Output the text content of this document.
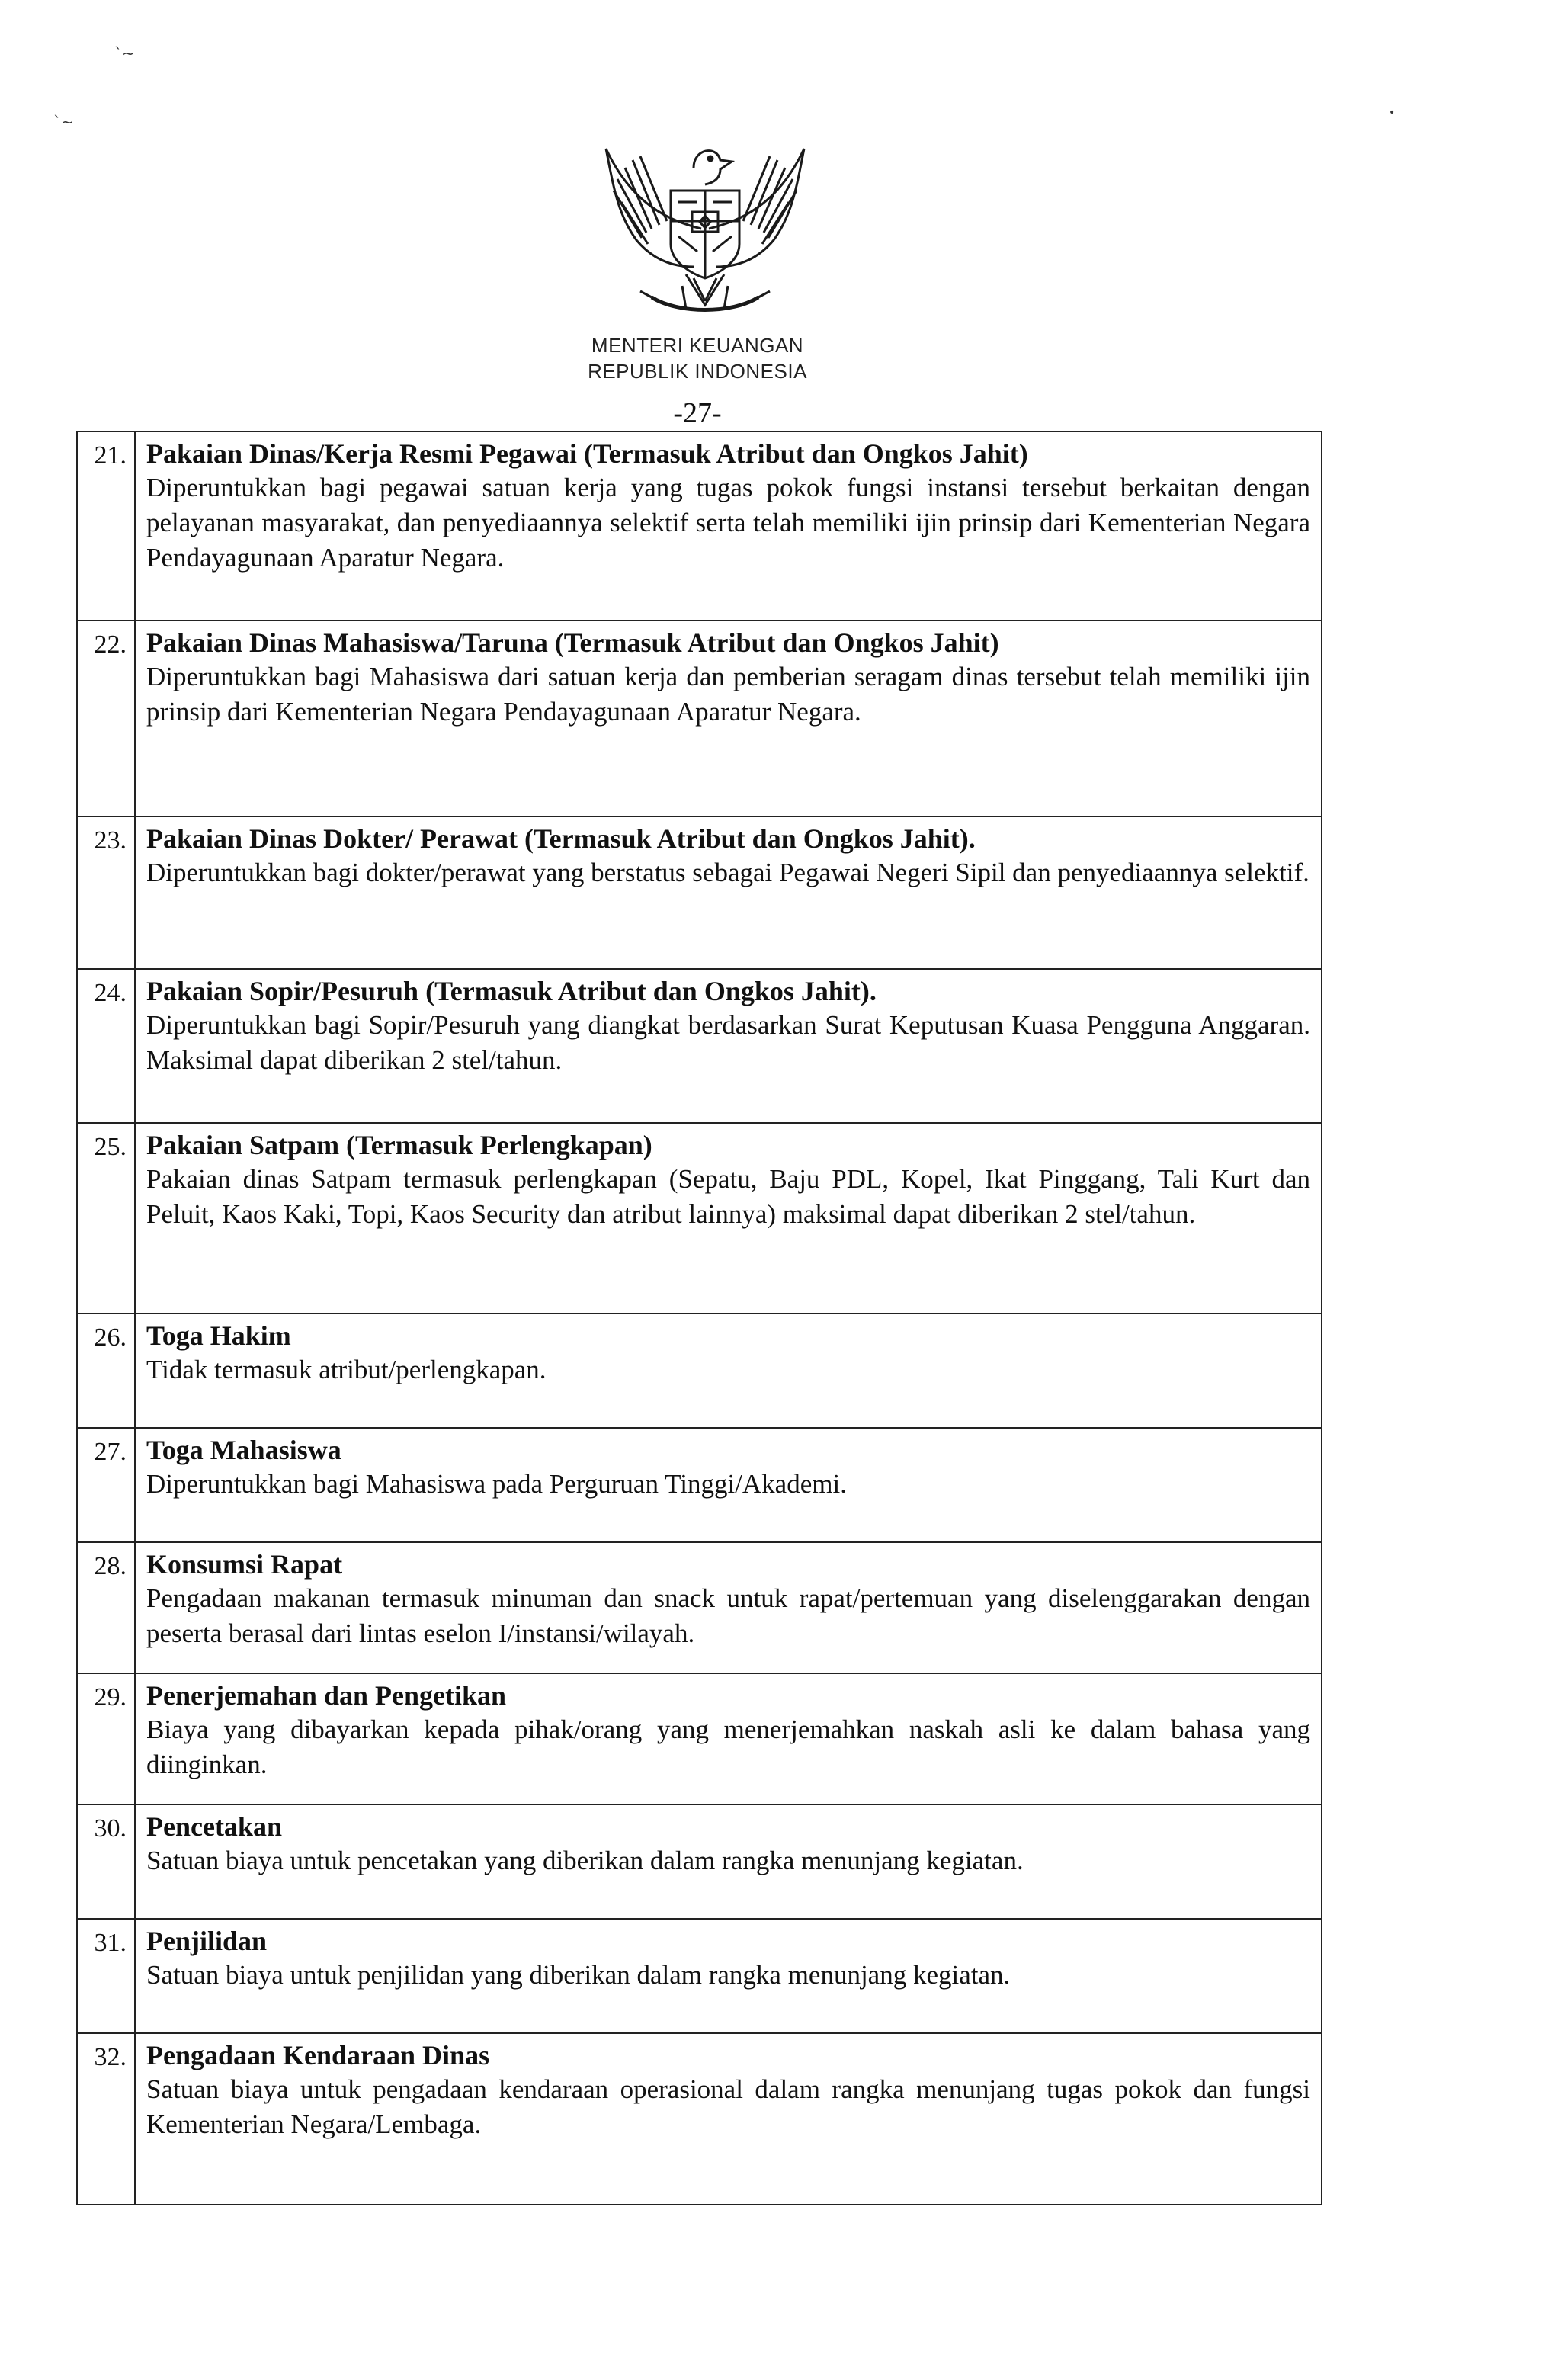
`~
`~	•
MENTERI KEUANGAN
REPUBLIK INDONESIA
-27-
21.	Pakaian Dinas/Kerja Resmi Pegawai (Termasuk Atribut dan Ongkos Jahit)
Diperuntukkan bagi pegawai satuan kerja yang tugas pokok fungsi instansi tersebut berkaitan dengan pelayanan masyarakat, dan penyediaannya selektif serta telah memiliki ijin prinsip dari Kementerian Negara Pendayagunaan Aparatur Negara.

22.	Pakaian Dinas Mahasiswa/Taruna (Termasuk Atribut dan Ongkos Jahit)
Diperuntukkan bagi Mahasiswa dari satuan kerja dan pemberian seragam dinas tersebut telah memiliki ijin prinsip dari Kementerian Negara Pendayagunaan Aparatur Negara.

23.	Pakaian Dinas Dokter/ Perawat (Termasuk Atribut dan Ongkos Jahit).
Diperuntukkan bagi dokter/perawat yang berstatus sebagai Pegawai Negeri Sipil dan penyediaannya selektif.

24.	Pakaian Sopir/Pesuruh (Termasuk Atribut dan Ongkos Jahit).
Diperuntukkan bagi Sopir/Pesuruh yang diangkat berdasarkan Surat Keputusan Kuasa Pengguna Anggaran. Maksimal dapat diberikan 2 stel/tahun.

25.	Pakaian Satpam (Termasuk Perlengkapan)
Pakaian dinas Satpam termasuk perlengkapan (Sepatu, Baju PDL, Kopel, Ikat Pinggang, Tali Kurt dan Peluit, Kaos Kaki, Topi, Kaos Security dan atribut lainnya) maksimal dapat diberikan 2 stel/tahun.

26.	Toga Hakim
Tidak termasuk atribut/perlengkapan.

27.	Toga Mahasiswa
Diperuntukkan bagi Mahasiswa pada Perguruan Tinggi/Akademi.

28.	Konsumsi Rapat
Pengadaan makanan termasuk minuman dan snack untuk rapat/pertemuan yang diselenggarakan dengan peserta berasal dari lintas eselon I/instansi/wilayah.

29.	Penerjemahan dan Pengetikan
Biaya yang dibayarkan kepada pihak/orang yang menerjemahkan naskah asli ke dalam bahasa yang diinginkan.

30.	Pencetakan
Satuan biaya untuk pencetakan yang diberikan dalam rangka menunjang kegiatan.

31.	Penjilidan
Satuan biaya untuk penjilidan yang diberikan dalam rangka menunjang kegiatan.

32.	Pengadaan Kendaraan Dinas
Satuan biaya untuk pengadaan kendaraan operasional dalam rangka menunjang tugas pokok dan fungsi Kementerian Negara/Lembaga.
